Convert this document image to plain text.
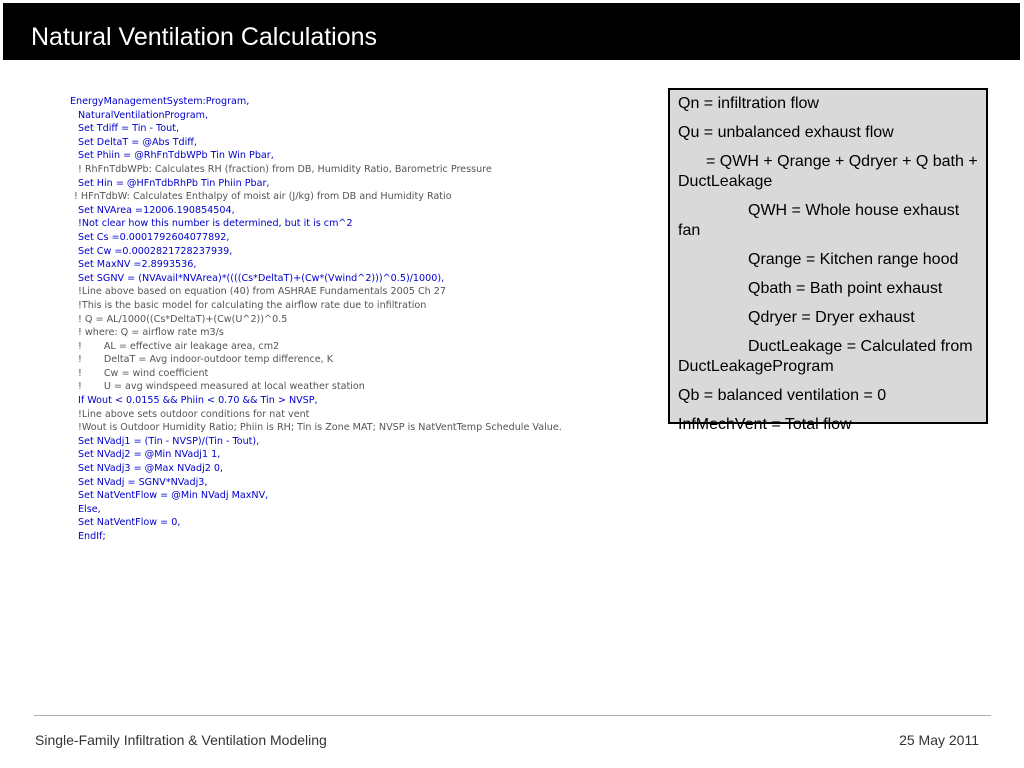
Natural Ventilation Calculations
EnergyManagementSystem:Program,
NaturalVentilationProgram,
Set Tdiff = Tin - Tout,
Set DeltaT = @Abs Tdiff,
Set Phiin = @RhFnTdbWPb Tin Win Pbar,
! RhFnTdbWPb: Calculates RH (fraction) from DB, Humidity Ratio, Barometric Pressure
Set Hin = @HFnTdbRhPb Tin Phiin Pbar,
! HFnTdbW: Calculates Enthalpy of moist air (J/kg) from DB and Humidity Ratio
Set NVArea =12006.190854504,
!Not clear how this number is determined, but it is cm^2
Set Cs =0.0001792604077892,
Set Cw =0.0002821728237939,
Set MaxNV =2.8993536,
Set SGNV = (NVAvail*NVArea)*((((Cs*DeltaT)+(Cw*(Vwind^2)))^0.5)/1000),
!Line above based on equation (40) from ASHRAE Fundamentals 2005 Ch 27
!This is the basic model for calculating the airflow rate due to infiltration
! Q = AL/1000((Cs*DeltaT)+(Cw(U^2))^0.5
! where: Q = airflow rate m3/s
! AL = effective air leakage area, cm2
! DeltaT = Avg indoor-outdoor temp difference, K
! Cw = wind coefficient
! U = avg windspeed measured at local weather station
If Wout < 0.0155 && Phiin < 0.70 && Tin > NVSP,
!Line above sets outdoor conditions for nat vent
!Wout is Outdoor Humidity Ratio; Phiin is RH; Tin is Zone MAT; NVSP is NatVentTemp Schedule Value.
Set NVadj1 = (Tin - NVSP)/(Tin - Tout),
Set NVadj2 = @Min NVadj1 1,
Set NVadj3 = @Max NVadj2 0,
Set NVadj = SGNV*NVadj3,
Set NatVentFlow = @Min NVadj MaxNV,
Else,
Set NatVentFlow = 0,
EndIf;
Qn = infiltration flow
Qu = unbalanced exhaust flow
= QWH + Qrange + Qdryer + Q bath + DuctLeakage
QWH = Whole house exhaust fan
Qrange = Kitchen range hood
Qbath = Bath point exhaust
Qdryer = Dryer exhaust
DuctLeakage = Calculated from DuctLeakageProgram
Qb = balanced ventilation = 0
InfMechVent = Total flow
Single-Family Infiltration & Ventilation Modeling	25 May 2011
